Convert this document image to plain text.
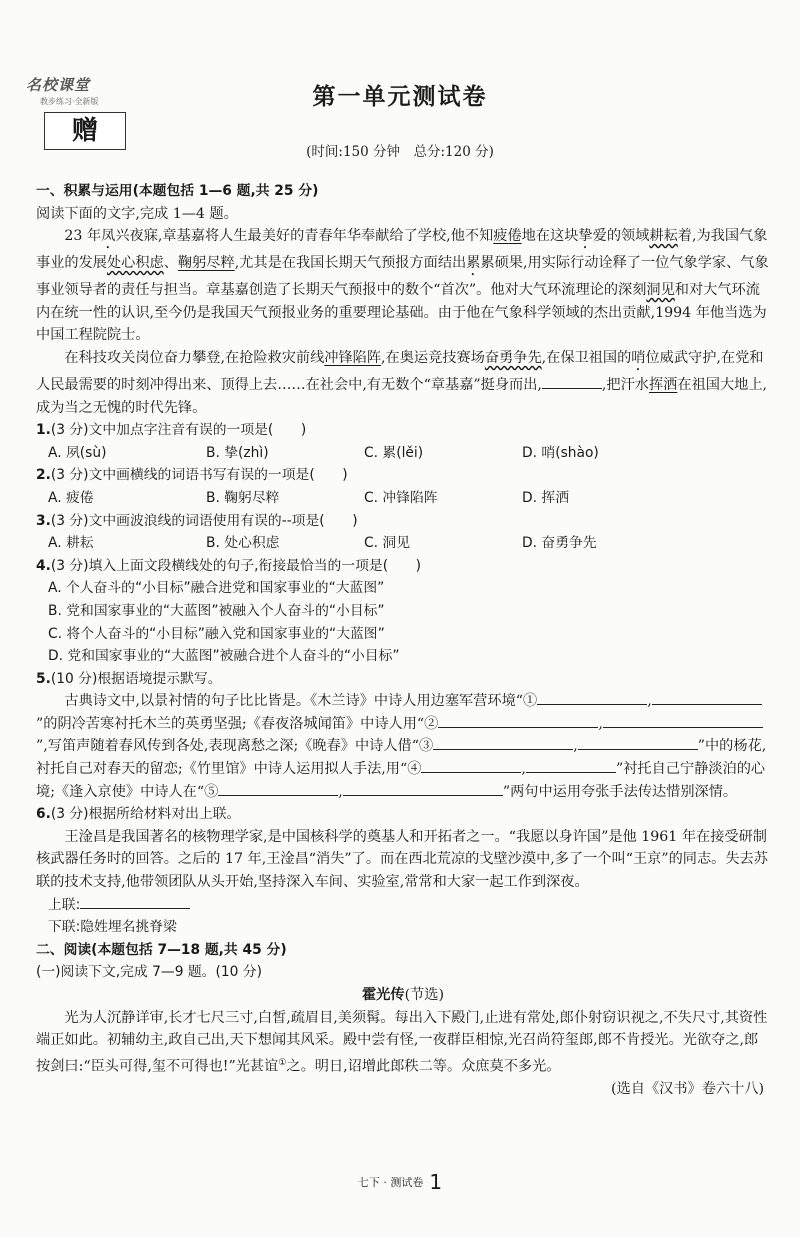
名校课堂
教步练习·全新版
赠
第一单元测试卷
(时间:150 分钟　总分:120 分)

一、积累与运用(本题包括 1—6 题,共 25 分)

阅读下面的文字,完成 1—4 题。

23 年凤兴夜寐,章基嘉将人生最美好的青春年华奉献给了学校,他不知疲倦地在这块挚爱的领域耕耘着,为我国气象事业的发展处心积虑、鞠躬尽粹,尤其是在我国长期天气预报方面结出累累硕果,用实际行动诠释了一位气象学家、气象事业领导者的责任与担当。章基嘉创造了长期天气预报中的数个“首次”。他对大气环流理论的深刻洞见和对大气环流内在统一性的认识,至今仍是我国天气预报业务的重要理论基础。由于他在气象科学领域的杰出贡献,1994 年他当选为中国工程院院士。

在科技攻关岗位奋力攀登,在抢险救灾前线冲锋陷阵,在奥运竞技赛场奋勇争先,在保卫祖国的哨位威武守护,在党和人民最需要的时刻冲得出来、顶得上去……在社会中,有无数个“章基嘉”挺身而出,	,把汗水挥洒在祖国大地上,成为当之无愧的时代先锋。

1.(3 分)文中加点字注音有误的一项是(　　)

A. 夙(sù)	B. 挚(zhì)	C. 累(lěi)	D. 哨(shào)

2.(3 分)文中画横线的词语书写有误的一项是(　　)

A. 疲倦	B. 鞠躬尽粹	C. 冲锋陷阵	D. 挥洒

3.(3 分)文中画波浪线的词语使用有误的--项是(　　)

A. 耕耘	B. 处心积虑	C. 洞见	D. 奋勇争先

4.(3 分)填入上面文段横线处的句子,衔接最恰当的一项是(　　)

A. 个人奋斗的“小目标”融合进党和国家事业的“大蓝图”

B. 党和国家事业的“大蓝图”被融入个人奋斗的“小目标”

C. 将个人奋斗的“小目标”融入党和国家事业的“大蓝图”

D. 党和国家事业的“大蓝图”被融合进个人奋斗的“小目标”

5.(10 分)根据语境提示默写。

古典诗文中,以景衬情的句子比比皆是。《木兰诗》中诗人用边塞军营环境“①	,”的阴冷苦寒衬托木兰的英勇坚强;《春夜洛城闻笛》中诗人用“②	,”,写笛声随着春风传到各处,表现离愁之深;《晚春》中诗人借“③	,	”中的杨花,衬托自己对春天的留恋;《竹里馆》中诗人运用拟人手法,用“④	,	”衬托自己宁静淡泊的心境;《逢入京使》中诗人在“⑤	,	”两句中运用夸张手法传达惜别深情。

6.(3 分)根据所给材料对出上联。

王淦昌是我国著名的核物理学家,是中国核科学的奠基人和开拓者之一。“我愿以身许国”是他 1961 年在接受研制核武器任务时的回答。之后的 17 年,王淦昌“消失”了。而在西北荒凉的戈壁沙漠中,多了一个叫“王京”的同志。失去苏联的技术支持,他带领团队从头开始,坚持深入车间、实验室,常常和大家一起工作到深夜。

上联:

下联:隐姓埋名挑脊梁

二、阅读(本题包括 7—18 题,共 45 分)

(一)阅读下文,完成 7—9 题。(10 分)

霍光传(节选)

光为人沉静详审,长才七尺三寸,白皙,疏眉目,美须髯。每出入下殿门,止进有常处,郎仆射窃识视之,不失尺寸,其资性端正如此。初辅幼主,政自己出,天下想闻其风采。殿中尝有怪,一夜群臣相惊,光召尚符玺郎,郎不肯授光。光欲夺之,郎按剑曰:“臣头可得,玺不可得也!”光甚谊①之。明日,诏增此郎秩二等。众庶莫不多光。

(选自《汉书》卷六十八)

七下 · 测试卷 1
